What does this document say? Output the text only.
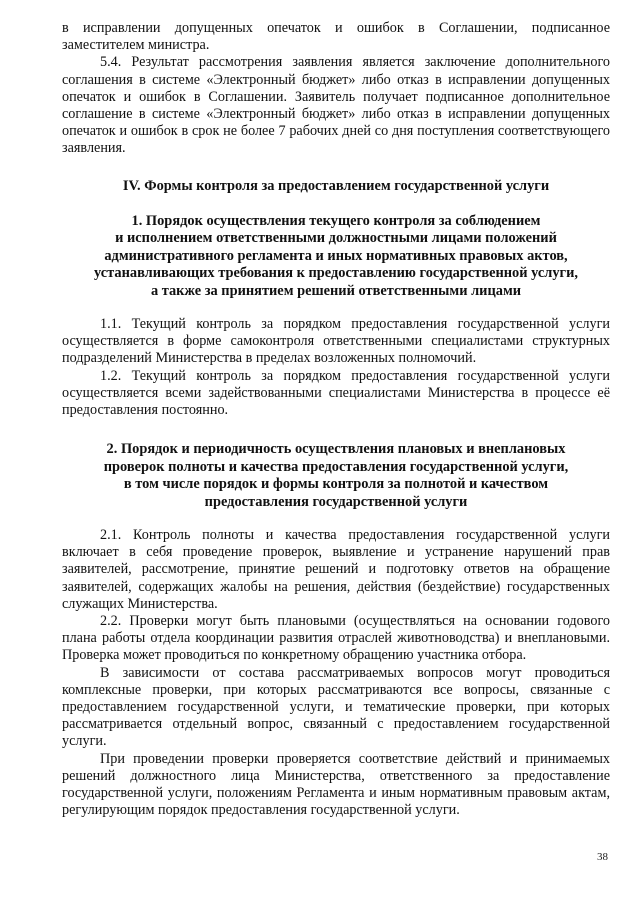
в исправлении допущенных опечаток и ошибок в Соглашении, подписанное заместителем министра.

5.4. Результат рассмотрения заявления является заключение дополнительного соглашения в системе «Электронный бюджет» либо отказ в исправлении допущенных опечаток и ошибок в Соглашении. Заявитель получает подписанное дополнительное соглашение в системе «Электронный бюджет» либо отказ в исправлении допущенных опечаток и ошибок в срок не более 7 рабочих дней со дня поступления соответствующего заявления.

IV. Формы контроля за предоставлением государственной услуги
1. Порядок осуществления текущего контроля за соблюдением
и исполнением ответственными должностными лицами положений
административного регламента и иных нормативных правовых актов,
устанавливающих требования к предоставлению государственной услуги,
а также за принятием решений ответственными лицами

1.1. Текущий контроль за порядком предоставления государственной услуги осуществляется в форме самоконтроля ответственными специалистами структурных подразделений Министерства в пределах возложенных полномочий.

1.2. Текущий контроль за порядком предоставления государственной услуги осуществляется всеми задействованными специалистами Министерства в процессе её предоставления постоянно.

2. Порядок и периодичность осуществления плановых и внеплановых
проверок полноты и качества предоставления государственной услуги,
в том числе порядок и формы контроля за полнотой и качеством
предоставления государственной услуги

2.1. Контроль полноты и качества предоставления государственной услуги включает в себя проведение проверок, выявление и устранение нарушений прав заявителей, рассмотрение, принятие решений и подготовку ответов на обращение заявителей, содержащих жалобы на решения, действия (бездействие) государственных служащих Министерства.

2.2. Проверки могут быть плановыми (осуществляться на основании годового плана работы отдела координации развития отраслей животноводства) и внеплановыми. Проверка может проводиться по конкретному обращению участника отбора.

В зависимости от состава рассматриваемых вопросов могут проводиться комплексные проверки, при которых рассматриваются все вопросы, связанные с предоставлением государственной услуги, и тематические проверки, при которых рассматривается отдельный вопрос, связанный с предоставлением государственной услуги.

При проведении проверки проверяется соответствие действий и принимаемых решений должностного лица Министерства, ответственного за предоставление государственной услуги, положениям Регламента и иным нормативным правовым актам, регулирующим порядок предоставления государственной услуги.

38
